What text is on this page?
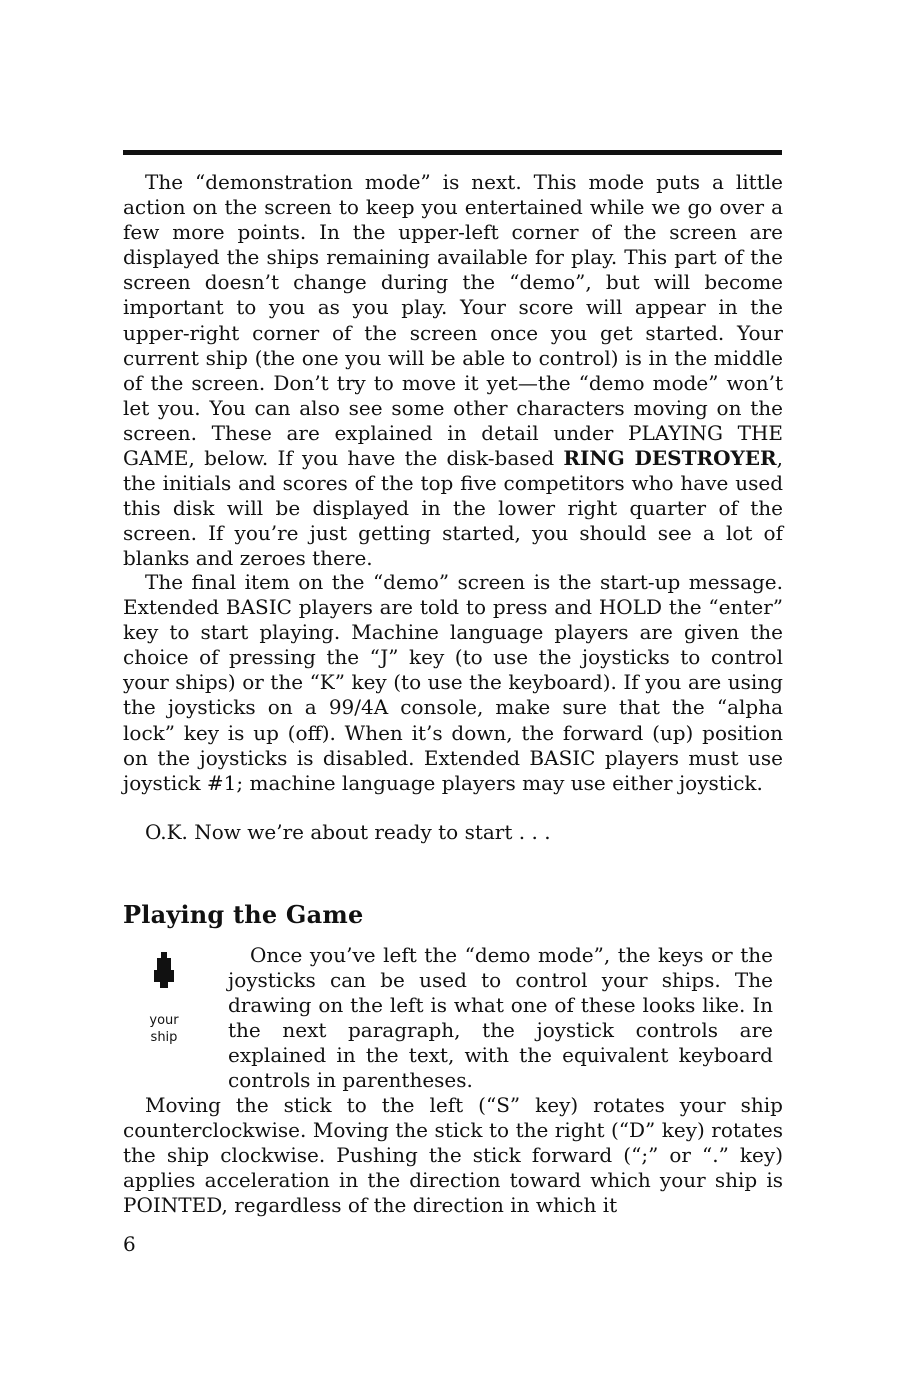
The “demonstration mode” is next. This mode puts a little action on the screen to keep you entertained while we go over a few more points. In the upper-left corner of the screen are displayed the ships remaining available for play. This part of the screen doesn’t change during the “demo”, but will become important to you as you play. Your score will appear in the upper-right corner of the screen once you get started. Your current ship (the one you will be able to control) is in the middle of the screen. Don’t try to move it yet—the “demo mode” won’t let you. You can also see some other characters moving on the screen. These are explained in detail under PLAYING THE GAME, below. If you have the disk-based RING DESTROYER, the initials and scores of the top five competitors who have used this disk will be displayed in the lower right quarter of the screen. If you’re just getting started, you should see a lot of blanks and zeroes there.

The final item on the “demo” screen is the start-up message. Extended BASIC players are told to press and HOLD the “enter” key to start playing. Machine language players are given the choice of pressing the “J” key (to use the joysticks to control your ships) or the “K” key (to use the keyboard). If you are using the joysticks on a 99/4A console, make sure that the “alpha lock” key is up (off). When it’s down, the forward (up) position on the joysticks is disabled. Extended BASIC players must use joystick #1; machine language players may use either joystick.

O.K. Now we’re about ready to start . . .

Playing the Game
your
ship

Once you’ve left the “demo mode”, the keys or the joysticks can be used to control your ships. The drawing on the left is what one of these looks like. In the next paragraph, the joystick controls are explained in the text, with the equivalent keyboard controls in parentheses.

Moving the stick to the left (“S” key) rotates your ship counterclockwise. Moving the stick to the right (“D” key) rotates the ship clockwise. Pushing the stick forward (“;” or “.” key) applies acceleration in the direction toward which your ship is POINTED, regardless of the direction in which it

6
